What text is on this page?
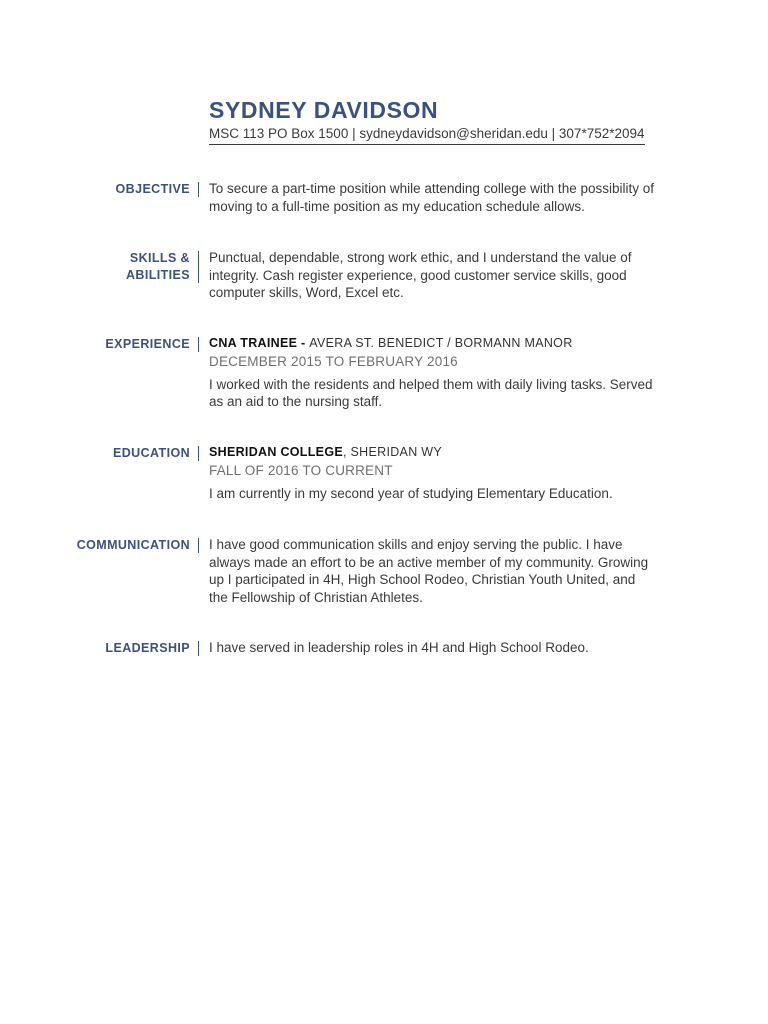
SYDNEY DAVIDSON
MSC 113 PO Box 1500 | sydneydavidson@sheridan.edu | 307*752*2094
OBJECTIVE To secure a part-time position while attending college with the possibility of moving to a full-time position as my education schedule allows.
SKILLS &
ABILITIES
Punctual, dependable, strong work ethic, and I understand the value of integrity. Cash register experience, good customer service skills, good computer skills, Word, Excel etc.
EXPERIENCE CNA TRAINEE - AVERA ST. BENEDICT / BORMANN MANOR
DECEMBER 2015 TO FEBRUARY 2016
I worked with the residents and helped them with daily living tasks. Served as an aid to the nursing staff.
EDUCATION SHERIDAN COLLEGE, SHERIDAN WY
FALL OF 2016 TO CURRENT
I am currently in my second year of studying Elementary Education.
COMMUNICATION I have good communication skills and enjoy serving the public. I have always made an effort to be an active member of my community. Growing up I participated in 4H, High School Rodeo, Christian Youth United, and the Fellowship of Christian Athletes.
LEADERSHIP I have served in leadership roles in 4H and High School Rodeo.
